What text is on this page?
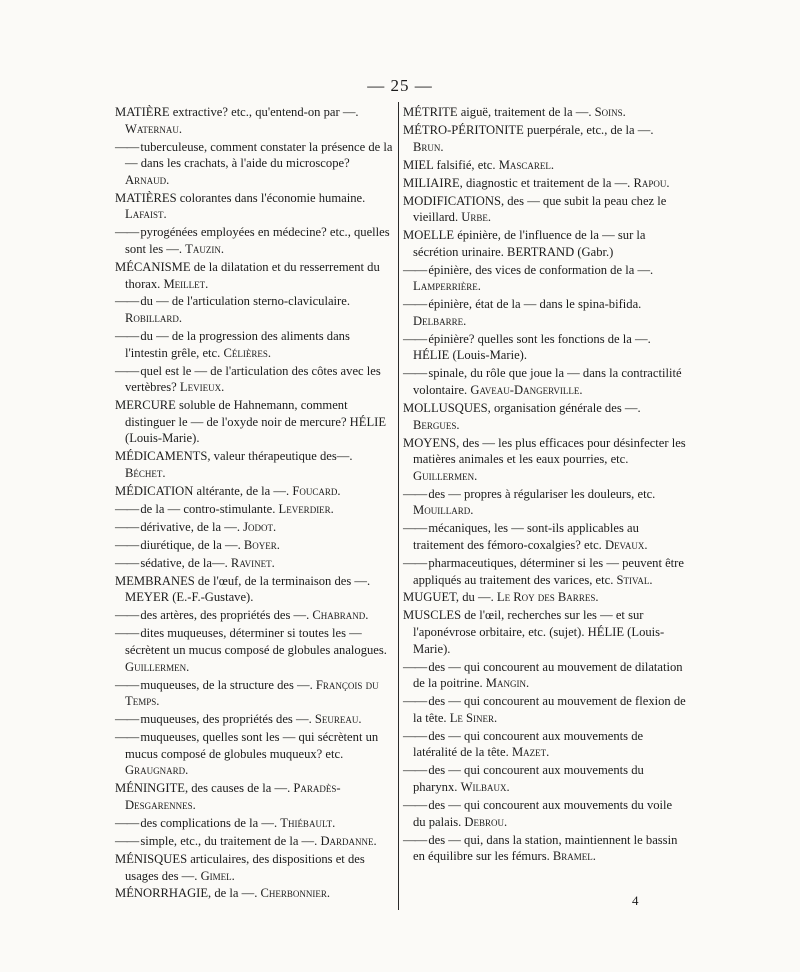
— 25 —

MATIÈRE extractive? etc., qu'entend-on par —. Waternau.

—— tuberculeuse, comment constater la présence de la — dans les crachats, à l'aide du microscope? Arnaud.

MATIÈRES colorantes dans l'économie humaine. Lafaist.

—— pyrogénées employées en médecine? etc., quelles sont les —. Tauzin.

MÉCANISME de la dilatation et du resserrement du thorax. Meillet.

—— du — de l'articulation sterno-claviculaire. Robillard.

—— du — de la progression des aliments dans l'intestin grêle, etc. Célières.

—— quel est le — de l'articulation des côtes avec les vertèbres? Levieux.

MERCURE soluble de Hahnemann, comment distinguer le — de l'oxyde noir de mercure? HÉLIE (Louis-Marie).

MÉDICAMENTS, valeur thérapeutique des—. Béchet.

MÉDICATION altérante, de la —. Foucard.

—— de la — contro-stimulante. Leverdier.

—— dérivative, de la —. Jodot.

—— diurétique, de la —. Boyer.

—— sédative, de la—. Ravinet.

MEMBRANES de l'œuf, de la terminaison des —. MEYER (E.-F.-Gustave).

—— des artères, des propriétés des —. Chabrand.

—— dites muqueuses, déterminer si toutes les — sécrètent un mucus composé de globules analogues. Guillermen.

—— muqueuses, de la structure des —. François du Temps.

—— muqueuses, des propriétés des —. Seureau.

—— muqueuses, quelles sont les — qui sécrètent un mucus composé de globules muqueux? etc. Graugnard.

MÉNINGITE, des causes de la —. Paradès-Desgarennes.

—— des complications de la —. Thiébault.

—— simple, etc., du traitement de la —. Dardanne.

MÉNISQUES articulaires, des dispositions et des usages des —. Gimel.

MÉNORRHAGIE, de la —. Cherbonnier.

MÉTRITE aiguë, traitement de la —. Soins.

MÉTRO-PÉRITONITE puerpérale, etc., de la —. Brun.

MIEL falsifié, etc. Mascarel.

MILIAIRE, diagnostic et traitement de la —. Rapou.

MODIFICATIONS, des — que subit la peau chez le vieillard. Urbe.

MOELLE épinière, de l'influence de la — sur la sécrétion urinaire. BERTRAND (Gabr.)

—— épinière, des vices de conformation de la —. Lamperrière.

—— épinière, état de la — dans le spina-bifida. Delbarre.

—— épinière? quelles sont les fonctions de la —. HÉLIE (Louis-Marie).

—— spinale, du rôle que joue la — dans la contractilité volontaire. Gaveau-Dangerville.

MOLLUSQUES, organisation générale des —. Bergues.

MOYENS, des — les plus efficaces pour désinfecter les matières animales et les eaux pourries, etc. Guillermen.

—— des — propres à régulariser les douleurs, etc. Mouillard.

—— mécaniques, les — sont-ils applicables au traitement des fémoro-coxalgies? etc. Devaux.

—— pharmaceutiques, déterminer si les — peuvent être appliqués au traitement des varices, etc. Stival.

MUGUET, du —. Le Roy des Barres.

MUSCLES de l'œil, recherches sur les — et sur l'aponévrose orbitaire, etc. (sujet). HÉLIE (Louis-Marie).

—— des — qui concourent au mouvement de dilatation de la poitrine. Mangin.

—— des — qui concourent au mouvement de flexion de la tête. Le Siner.

—— des — qui concourent aux mouvements de latéralité de la tête. Mazet.

—— des — qui concourent aux mouvements du pharynx. Wilbaux.

—— des — qui concourent aux mouvements du voile du palais. Debrou.

—— des — qui, dans la station, maintiennent le bassin en équilibre sur les fémurs. Bramel.

4
